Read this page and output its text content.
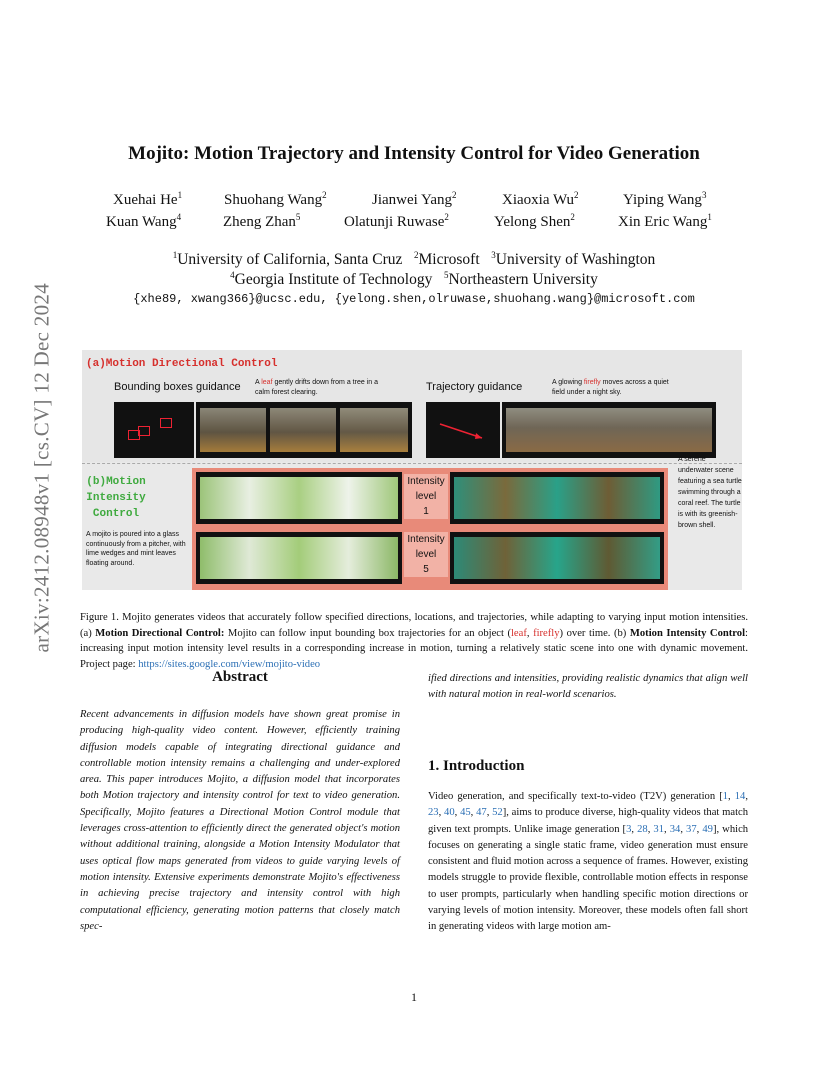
arXiv:2412.08948v1 [cs.CV] 12 Dec 2024
Mojito: Motion Trajectory and Intensity Control for Video Generation
Xuehai He$^1$	Shuohang Wang$^2$	Jianwei Yang$^2$	Xiaoxia Wu$^2$	Yiping Wang$^3$
Kuan Wang$^4$	Zheng Zhan$^5$	Olatunji Ruwase$^2$	Yelong Shen$^2$	Xin Eric Wang$^1$
$^1$University of California, Santa Cruz $^2$Microsoft $^3$University of Washington
$^4$Georgia Institute of Technology $^5$Northeastern University
{xhe89, xwang366}@ucsc.edu, {yelong.shen,olruwase,shuohang.wang}@microsoft.com
(a)Motion Directional Control
Bounding boxes guidance A leaf gently drifts down from a tree in a calm forest clearing.	Trajectory guidance	A glowing firefly moves across a quiet field under a night sky.
(b)Motion
Intensity
Control
A mojito is poured into a glass continuously from a pitcher, with lime wedges and mint leaves floating around.
Intensity
level
1
Intensity
level
5
A serene underwater scene featuring a sea turtle swimming through a coral reef. The turtle is with its greenish-brown shell.
Figure 1. Mojito generates videos that accurately follow specified directions, locations, and trajectories, while adapting to varying input motion intensities. (a) Motion Directional Control: Mojito can follow input bounding box trajectories for an object (leaf, firefly) over time. (b) Motion Intensity Control: increasing input motion intensity level results in a corresponding increase in motion, turning a relatively static scene into one with dynamic movement. Project page: https://sites.google.com/view/mojito-video
Abstract
Recent advancements in diffusion models have shown great promise in producing high-quality video content. However, efficiently training diffusion models capable of integrating directional guidance and controllable motion intensity remains a challenging and under-explored area. This paper introduces Mojito, a diffusion model that incorporates both Motion trajectory and intensity control for text to video generation. Specifically, Mojito features a Directional Motion Control module that leverages cross-attention to efficiently direct the generated object's motion without additional training, alongside a Motion Intensity Modulator that uses optical flow maps generated from videos to guide varying levels of motion intensity. Extensive experiments demonstrate Mojito's effectiveness in achieving precise trajectory and intensity control with high computational efficiency, generating motion patterns that closely match spec-
ified directions and intensities, providing realistic dynamics that align well with natural motion in real-world scenarios.
1. Introduction
Video generation, and specifically text-to-video (T2V) generation [1, 14, 23, 40, 45, 47, 52], aims to produce diverse, high-quality videos that match given text prompts. Unlike image generation [3, 28, 31, 34, 37, 49], which focuses on generating a single static frame, video generation must ensure consistent and fluid motion across a sequence of frames. However, existing models struggle to provide flexible, controllable motion effects in response to user prompts, particularly when handling specific motion directions or varying levels of motion intensity. Moreover, these models often fall short in generating videos with large motion am-
1
